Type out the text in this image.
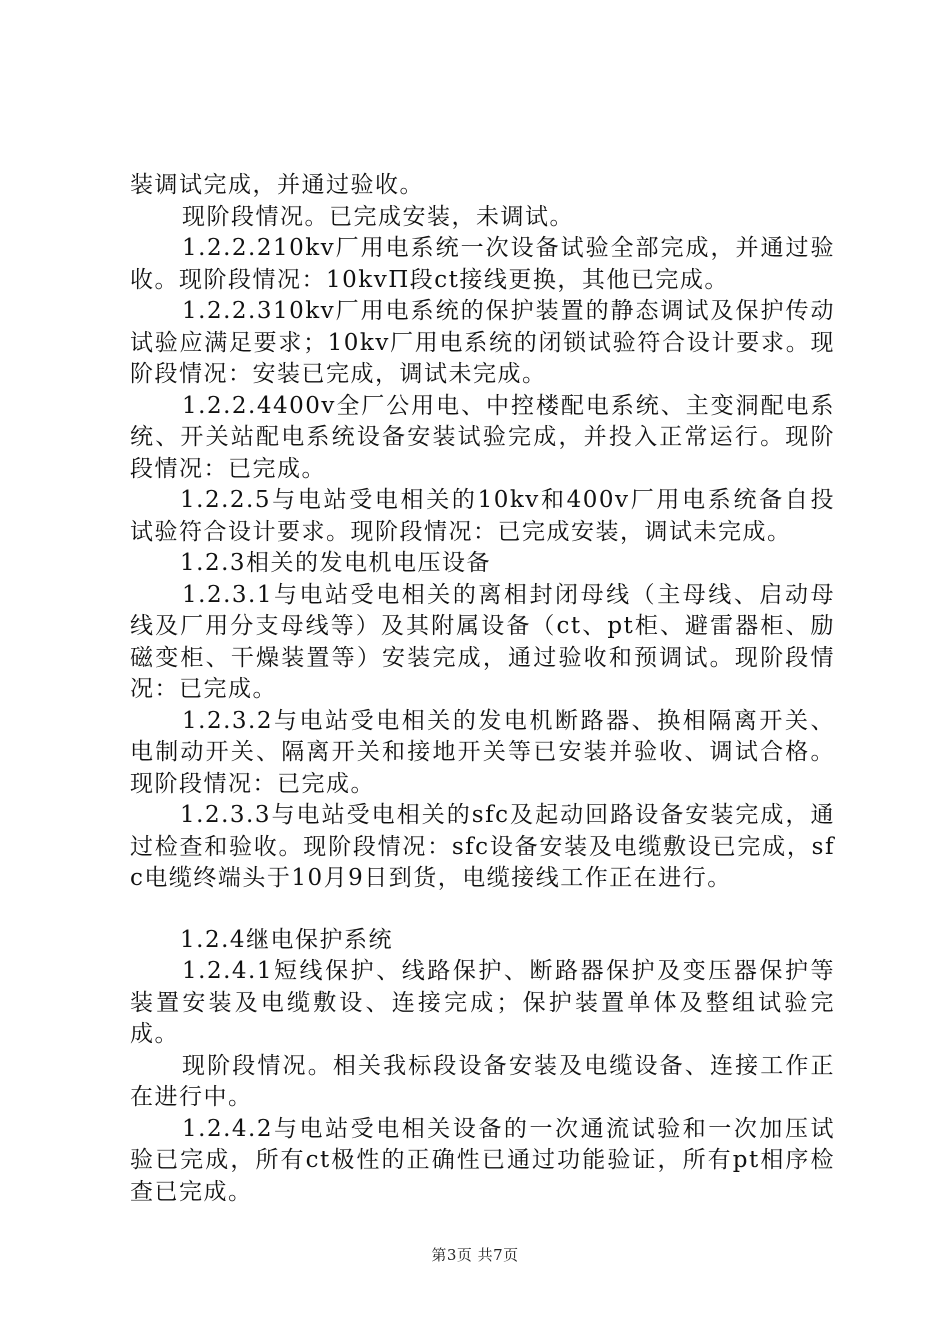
装调试完成，并通过验收。

现阶段情况。已完成安装，未调试。

1.2.2.210kv厂用电系统一次设备试验全部完成，并通过验收。现阶段情况：10kvΠ段ct接线更换，其他已完成。

1.2.2.310kv厂用电系统的保护装置的静态调试及保护传动试验应满足要求；10kv厂用电系统的闭锁试验符合设计要求。现阶段情况：安装已完成，调试未完成。

1.2.2.4400v全厂公用电、中控楼配电系统、主变洞配电系统、开关站配电系统设备安装试验完成，并投入正常运行。现阶段情况：已完成。

1.2.2.5与电站受电相关的10kv和400v厂用电系统备自投试验符合设计要求。现阶段情况：已完成安装，调试未完成。

1.2.3相关的发电机电压设备

1.2.3.1与电站受电相关的离相封闭母线（主母线、启动母线及厂用分支母线等）及其附属设备（ct、pt柜、避雷器柜、励磁变柜、干燥装置等）安装完成，通过验收和预调试。现阶段情况：已完成。

1.2.3.2与电站受电相关的发电机断路器、换相隔离开关、电制动开关、隔离开关和接地开关等已安装并验收、调试合格。现阶段情况：已完成。

1.2.3.3与电站受电相关的sfc及起动回路设备安装完成，通过检查和验收。现阶段情况：sfc设备安装及电缆敷设已完成，sfc电缆终端头于10月9日到货，电缆接线工作正在进行。

1.2.4继电保护系统

1.2.4.1短线保护、线路保护、断路器保护及变压器保护等装置安装及电缆敷设、连接完成；保护装置单体及整组试验完成。

现阶段情况。相关我标段设备安装及电缆设备、连接工作正在进行中。

1.2.4.2与电站受电相关设备的一次通流试验和一次加压试验已完成，所有ct极性的正确性已通过功能验证，所有pt相序检查已完成。

第3页 共7页
